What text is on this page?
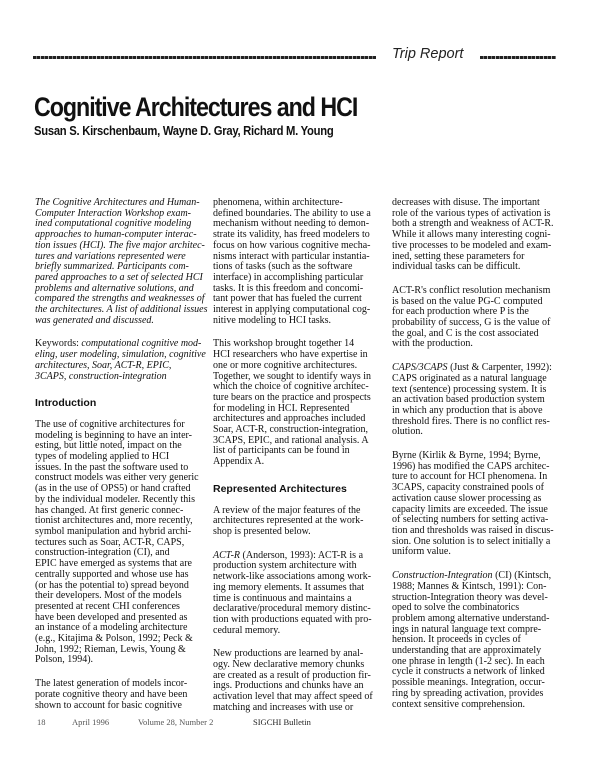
Trip Report
Cognitive Architectures and HCI
Susan S. Kirschenbaum, Wayne D. Gray, Richard M. Young
The Cognitive Architectures and Human-
Computer Interaction Workshop exam-
ined computational cognitive modeling
approaches to human-computer interac-
tion issues (HCI). The five major architec-
tures and variations represented were
briefly summarized. Participants com-
pared approaches to a set of selected HCI
problems and alternative solutions, and
compared the strengths and weaknesses of
the architectures. A list of additional issues
was generated and discussed.
Keywords: computational cognitive mod-
eling, user modeling, simulation, cognitive
architectures, Soar, ACT-R, EPIC,
3CAPS, construction-integration
Introduction
The use of cognitive architectures for
modeling is beginning to have an inter-
esting, but little noted, impact on the
types of modeling applied to HCI
issues. In the past the software used to
construct models was either very generic
(as in the use of OPS5) or hand crafted
by the individual modeler. Recently this
has changed. At first generic connec-
tionist architectures and, more recently,
symbol manipulation and hybrid archi-
tectures such as Soar, ACT-R, CAPS,
construction-integration (CI), and
EPIC have emerged as systems that are
centrally supported and whose use has
(or has the potential to) spread beyond
their developers. Most of the models
presented at recent CHI conferences
have been developed and presented as
an instance of a modeling architecture
(e.g., Kitajima & Polson, 1992; Peck &
John, 1992; Rieman, Lewis, Young &
Polson, 1994).
The latest generation of models incor-
porate cognitive theory and have been
shown to account for basic cognitive
phenomena, within architecture-
defined boundaries. The ability to use a
mechanism without needing to demon-
strate its validity, has freed modelers to
focus on how various cognitive mecha-
nisms interact with particular instantia-
tions of tasks (such as the software
interface) in accomplishing particular
tasks. It is this freedom and concomi-
tant power that has fueled the current
interest in applying computational cog-
nitive modeling to HCI tasks.
This workshop brought together 14
HCI researchers who have expertise in
one or more cognitive architectures.
Together, we sought to identify ways in
which the choice of cognitive architec-
ture bears on the practice and prospects
for modeling in HCI. Represented
architectures and approaches included
Soar, ACT-R, construction-integration,
3CAPS, EPIC, and rational analysis. A
list of participants can be found in
Appendix A.
Represented Architectures
A review of the major features of the
architectures represented at the work-
shop is presented below.
ACT-R (Anderson, 1993): ACT-R is a
production system architecture with
network-like associations among work-
ing memory elements. It assumes that
time is continuous and maintains a
declarative/procedural memory distinc-
tion with productions equated with pro-
cedural memory.
New productions are learned by anal-
ogy. New declarative memory chunks
are created as a result of production fir-
ings. Productions and chunks have an
activation level that may affect speed of
matching and increases with use or
decreases with disuse. The important
role of the various types of activation is
both a strength and weakness of ACT-R.
While it allows many interesting cogni-
tive processes to be modeled and exam-
ined, setting these parameters for
individual tasks can be difficult.
ACT-R's conflict resolution mechanism
is based on the value PG-C computed
for each production where P is the
probability of success, G is the value of
the goal, and C is the cost associated
with the production.
CAPS/3CAPS (Just & Carpenter, 1992):
CAPS originated as a natural language
text (sentence) processing system. It is
an activation based production system
in which any production that is above
threshold fires. There is no conflict res-
olution.
Byrne (Kirlik & Byrne, 1994; Byrne,
1996) has modified the CAPS architec-
ture to account for HCI phenomena. In
3CAPS, capacity constrained pools of
activation cause slower processing as
capacity limits are exceeded. The issue
of selecting numbers for setting activa-
tion and thresholds was raised in discus-
sion. One solution is to select initially a
uniform value.
Construction-Integration (CI) (Kintsch,
1988; Mannes & Kintsch, 1991): Con-
struction-Integration theory was devel-
oped to solve the combinatorics
problem among alternative understand-
ings in natural language text compre-
hension. It proceeds in cycles of
understanding that are approximately
one phrase in length (1-2 sec). In each
cycle it constructs a network of linked
possible meanings. Integration, occur-
ring by spreading activation, provides
context sensitive comprehension.
18	April 1996	Volume 28, Number 2	SIGCHI Bulletin
